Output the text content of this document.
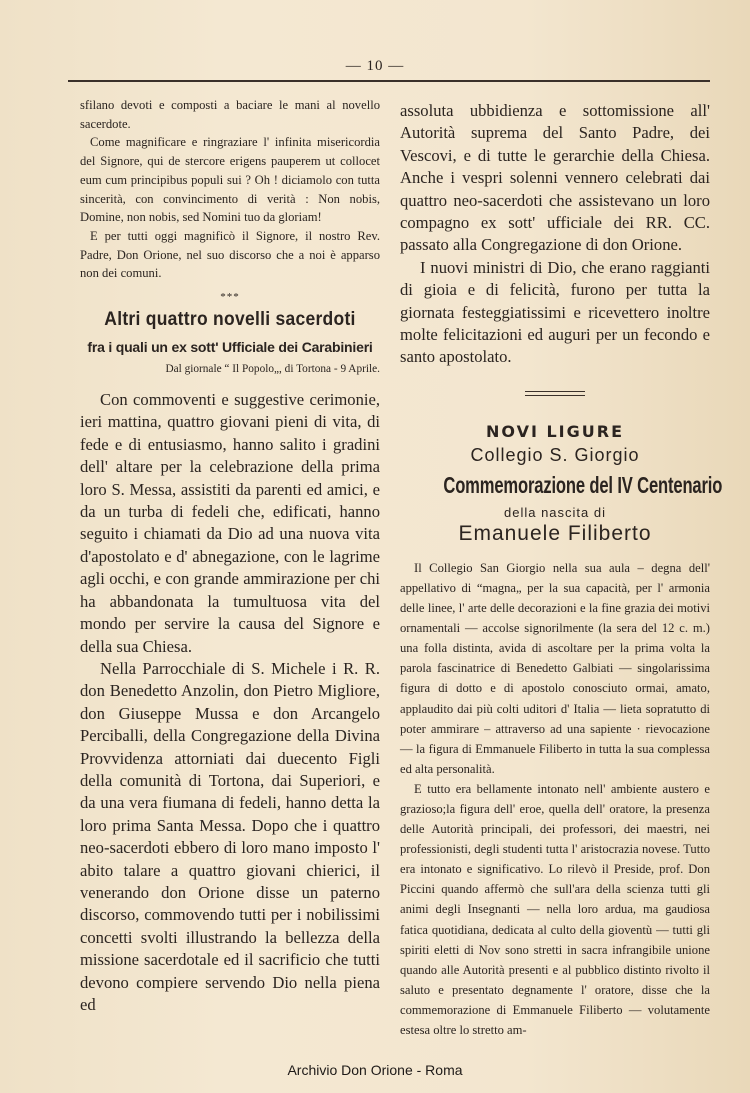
— 10 —

sfilano devoti e composti a baciare le mani al novello sacerdote.

Come magnificare e ringraziare l' infinita misericordia del Signore, qui de stercore erigens pauperem ut collocet eum cum principibus populi sui ? Oh ! diciamolo con tutta sincerità, con convincimento di verità : Non nobis, Domine, non nobis, sed Nomini tuo da gloriam!

E per tutti oggi magnificò il Signore, il nostro Rev. Padre, Don Orione, nel suo discorso che a noi è apparso non dei comuni.

***
Altri quattro novelli sacerdoti
fra i quali un ex sott' Ufficiale dei Carabinieri
Dal giornale “ Il Popolo„, di Tortona - 9 Aprile.

Con commoventi e suggestive cerimonie, ieri mattina, quattro giovani pieni di vita, di fede e di entusiasmo, hanno salito i gradini dell' altare per la celebrazione della prima loro S. Messa, assistiti da parenti ed amici, e da un turba di fedeli che, edificati, hanno seguito i chiamati da Dio ad una nuova vita d'apostolato e d' abnegazione, con le lagrime agli occhi, e con grande ammirazione per chi ha abbandonata la tumultuosa vita del mondo per servire la causa del Signore e della sua Chiesa.

Nella Parrocchiale di S. Michele i R. R. don Benedetto Anzolin, don Pietro Migliore, don Giuseppe Mussa e don Arcangelo Perciballi, della Congregazione della Divina Provvidenza attorniati dai duecento Figli della comunità di Tortona, dai Superiori, e da una vera fiumana di fedeli, hanno detta la loro prima Santa Messa. Dopo che i quattro neo-sacerdoti ebbero di loro mano imposto l' abito talare a quattro giovani chierici, il venerando don Orione disse un paterno discorso, commovendo tutti per i nobilissimi concetti svolti illustrando la bellezza della missione sacerdotale ed il sacrificio che tutti devono compiere servendo Dio nella piena ed

assoluta ubbidienza e sottomissione all' Autorità suprema del Santo Padre, dei Vescovi, e di tutte le gerarchie della Chiesa. Anche i vespri solenni vennero celebrati dai quattro neo-sacerdoti che assistevano un loro compagno ex sott' ufficiale dei RR. CC. passato alla Congregazione di don Orione.

I nuovi ministri di Dio, che erano raggianti di gioia e di felicità, furono per tutta la giornata festeggiatissimi e ricevettero inoltre molte felicitazioni ed auguri per un fecondo e santo apostolato.

NOVI LIGURE
Collegio S. Giorgio
Commemorazione del IV Centenario
della nascita di
Emanuele Filiberto

Il Collegio San Giorgio nella sua aula – degna dell' appellativo di “magna„ per la sua capacità, per l' armonia delle linee, l' arte delle decorazioni e la fine grazia dei motivi ornamentali — accolse signorilmente (la sera del 12 c. m.) una folla distinta, avida di ascoltare per la prima volta la parola fascinatrice di Benedetto Galbiati — singolarissima figura di dotto e di apostolo conosciuto ormai, amato, applaudito dai più colti uditori d' Italia — lieta sopratutto di poter ammirare – attraverso ad una sapiente · rievocazione — la figura di Emmanuele Filiberto in tutta la sua complessa ed alta personalità.

E tutto era bellamente intonato nell' ambiente austero e grazioso;la figura dell' eroe, quella dell' oratore, la presenza delle Autorità principali, dei professori, dei maestri, nei professionisti, degli studenti tutta l' aristocrazia novese. Tutto era intonato e significativo. Lo rilevò il Preside, prof. Don Piccini quando affermò che sull'ara della scienza tutti gli animi degli Insegnanti — nella loro ardua, ma gaudiosa fatica quotidiana, dedicata al culto della gioventù — tutti gli spiriti eletti di Nov sono stretti in sacra infrangibile unione quando alle Autorità presenti e al pubblico distinto rivolto il saluto e presentato degnamente l' oratore, disse che la commemorazione di Emmanuele Filiberto — volutamente estesa oltre lo stretto am-

Archivio Don Orione - Roma
